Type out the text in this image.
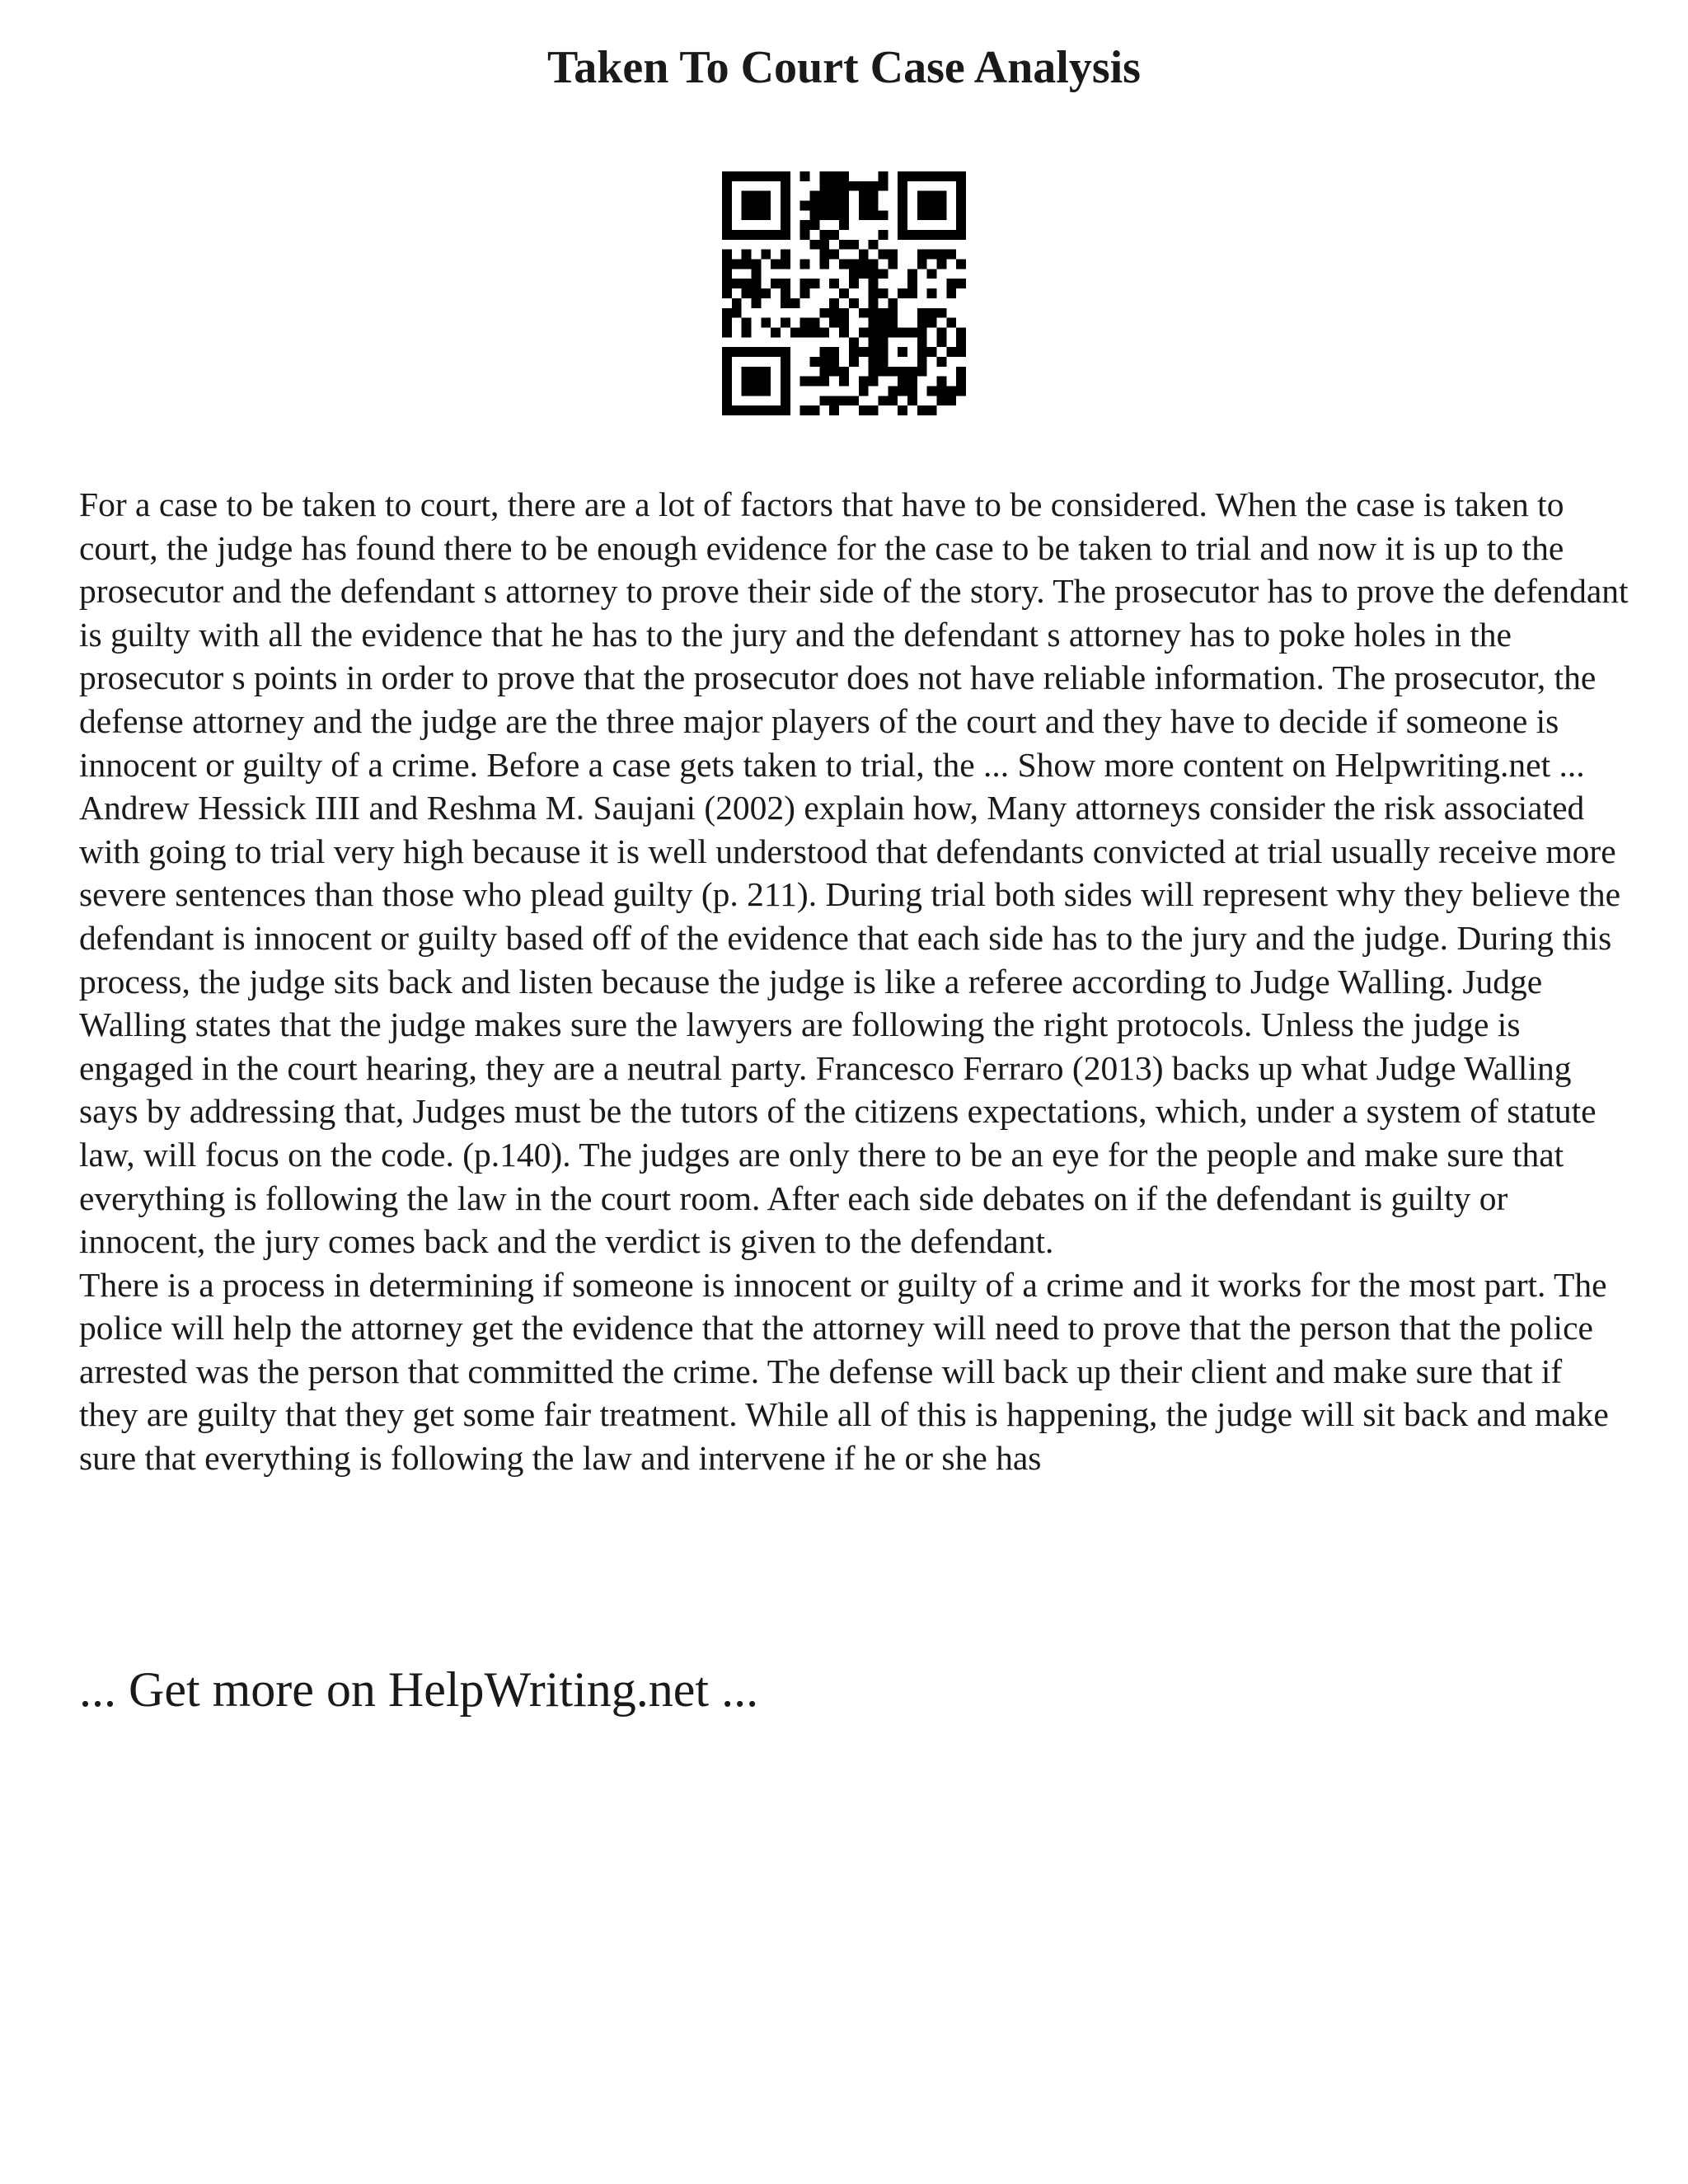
Taken To Court Case Analysis

For a case to be taken to court, there are a lot of factors that have to be considered. When the case is taken to court, the judge has found there to be enough evidence for the case to be taken to trial and now it is up to the prosecutor and the defendant s attorney to prove their side of the story. The prosecutor has to prove the defendant is guilty with all the evidence that he has to the jury and the defendant s attorney has to poke holes in the prosecutor s points in order to prove that the prosecutor does not have reliable information. The prosecutor, the defense attorney and the judge are the three major players of the court and they have to decide if someone is innocent or guilty of a crime. Before a case gets taken to trial, the ... Show more content on Helpwriting.net ...

Andrew Hessick IIII and Reshma M. Saujani (2002) explain how, Many attorneys consider the risk associated with going to trial very high because it is well understood that defendants convicted at trial usually receive more severe sentences than those who plead guilty (p. 211). During trial both sides will represent why they believe the defendant is innocent or guilty based off of the evidence that each side has to the jury and the judge. During this process, the judge sits back and listen because the judge is like a referee according to Judge Walling. Judge Walling states that the judge makes sure the lawyers are following the right protocols. Unless the judge is engaged in the court hearing, they are a neutral party. Francesco Ferraro (2013) backs up what Judge Walling says by addressing that, Judges must be the tutors of the citizens expectations, which, under a system of statute law, will focus on the code. (p.140). The judges are only there to be an eye for the people and make sure that everything is following the law in the court room. After each side debates on if the defendant is guilty or innocent, the jury comes back and the verdict is given to the defendant.

There is a process in determining if someone is innocent or guilty of a crime and it works for the most part. The police will help the attorney get the evidence that the attorney will need to prove that the person that the police arrested was the person that committed the crime. The defense will back up their client and make sure that if they are guilty that they get some fair treatment. While all of this is happening, the judge will sit back and make sure that everything is following the law and intervene if he or she has

... Get more on HelpWriting.net ...
